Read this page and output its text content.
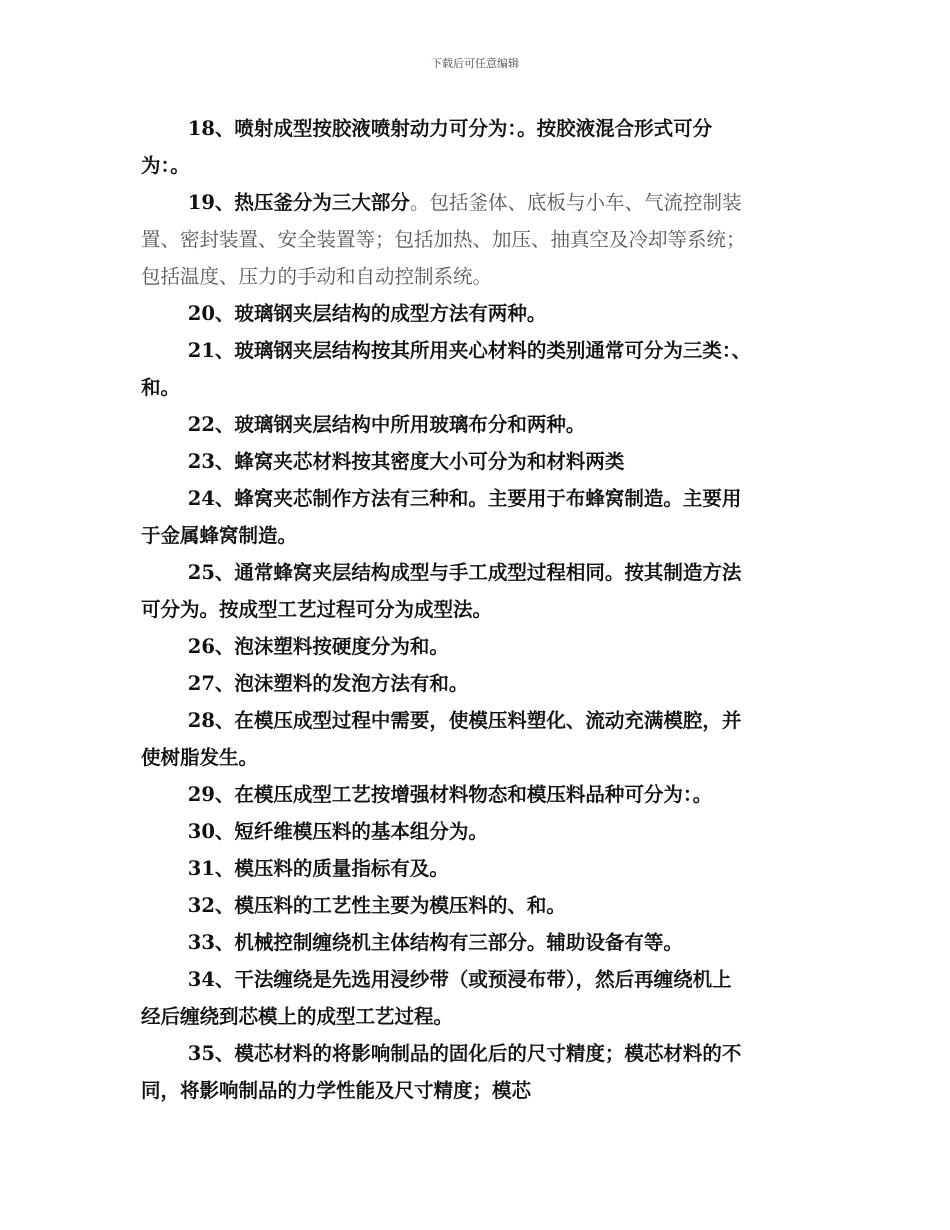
下载后可任意编辑

18、喷射成型按胶液喷射动力可分为：。按胶液混合形式可分

为：。

19、热压釜分为三大部分。包括釜体、底板与小车、气流控制装

置、密封装置、安全装置等；包括加热、加压、抽真空及冷却等系统；

包括温度、压力的手动和自动控制系统。

20、玻璃钢夹层结构的成型方法有两种。

21、玻璃钢夹层结构按其所用夹心材料的类别通常可分为三类：、

和。

22、玻璃钢夹层结构中所用玻璃布分和两种。

23、蜂窝夹芯材料按其密度大小可分为和材料两类

24、蜂窝夹芯制作方法有三种和。主要用于布蜂窝制造。主要用

于金属蜂窝制造。

25、通常蜂窝夹层结构成型与手工成型过程相同。按其制造方法

可分为。按成型工艺过程可分为成型法。

26、泡沫塑料按硬度分为和。

27、泡沫塑料的发泡方法有和。

28、在模压成型过程中需要，使模压料塑化、流动充满模腔，并

使树脂发生。

29、在模压成型工艺按增强材料物态和模压料品种可分为：。

30、短纤维模压料的基本组分为。

31、模压料的质量指标有及。

32、模压料的工艺性主要为模压料的、和。

33、机械控制缠绕机主体结构有三部分。辅助设备有等。

34、干法缠绕是先选用浸纱带（或预浸布带），然后再缠绕机上

经后缠绕到芯模上的成型工艺过程。

35、模芯材料的将影响制品的固化后的尺寸精度；模芯材料的不

同，将影响制品的力学性能及尺寸精度；模芯
